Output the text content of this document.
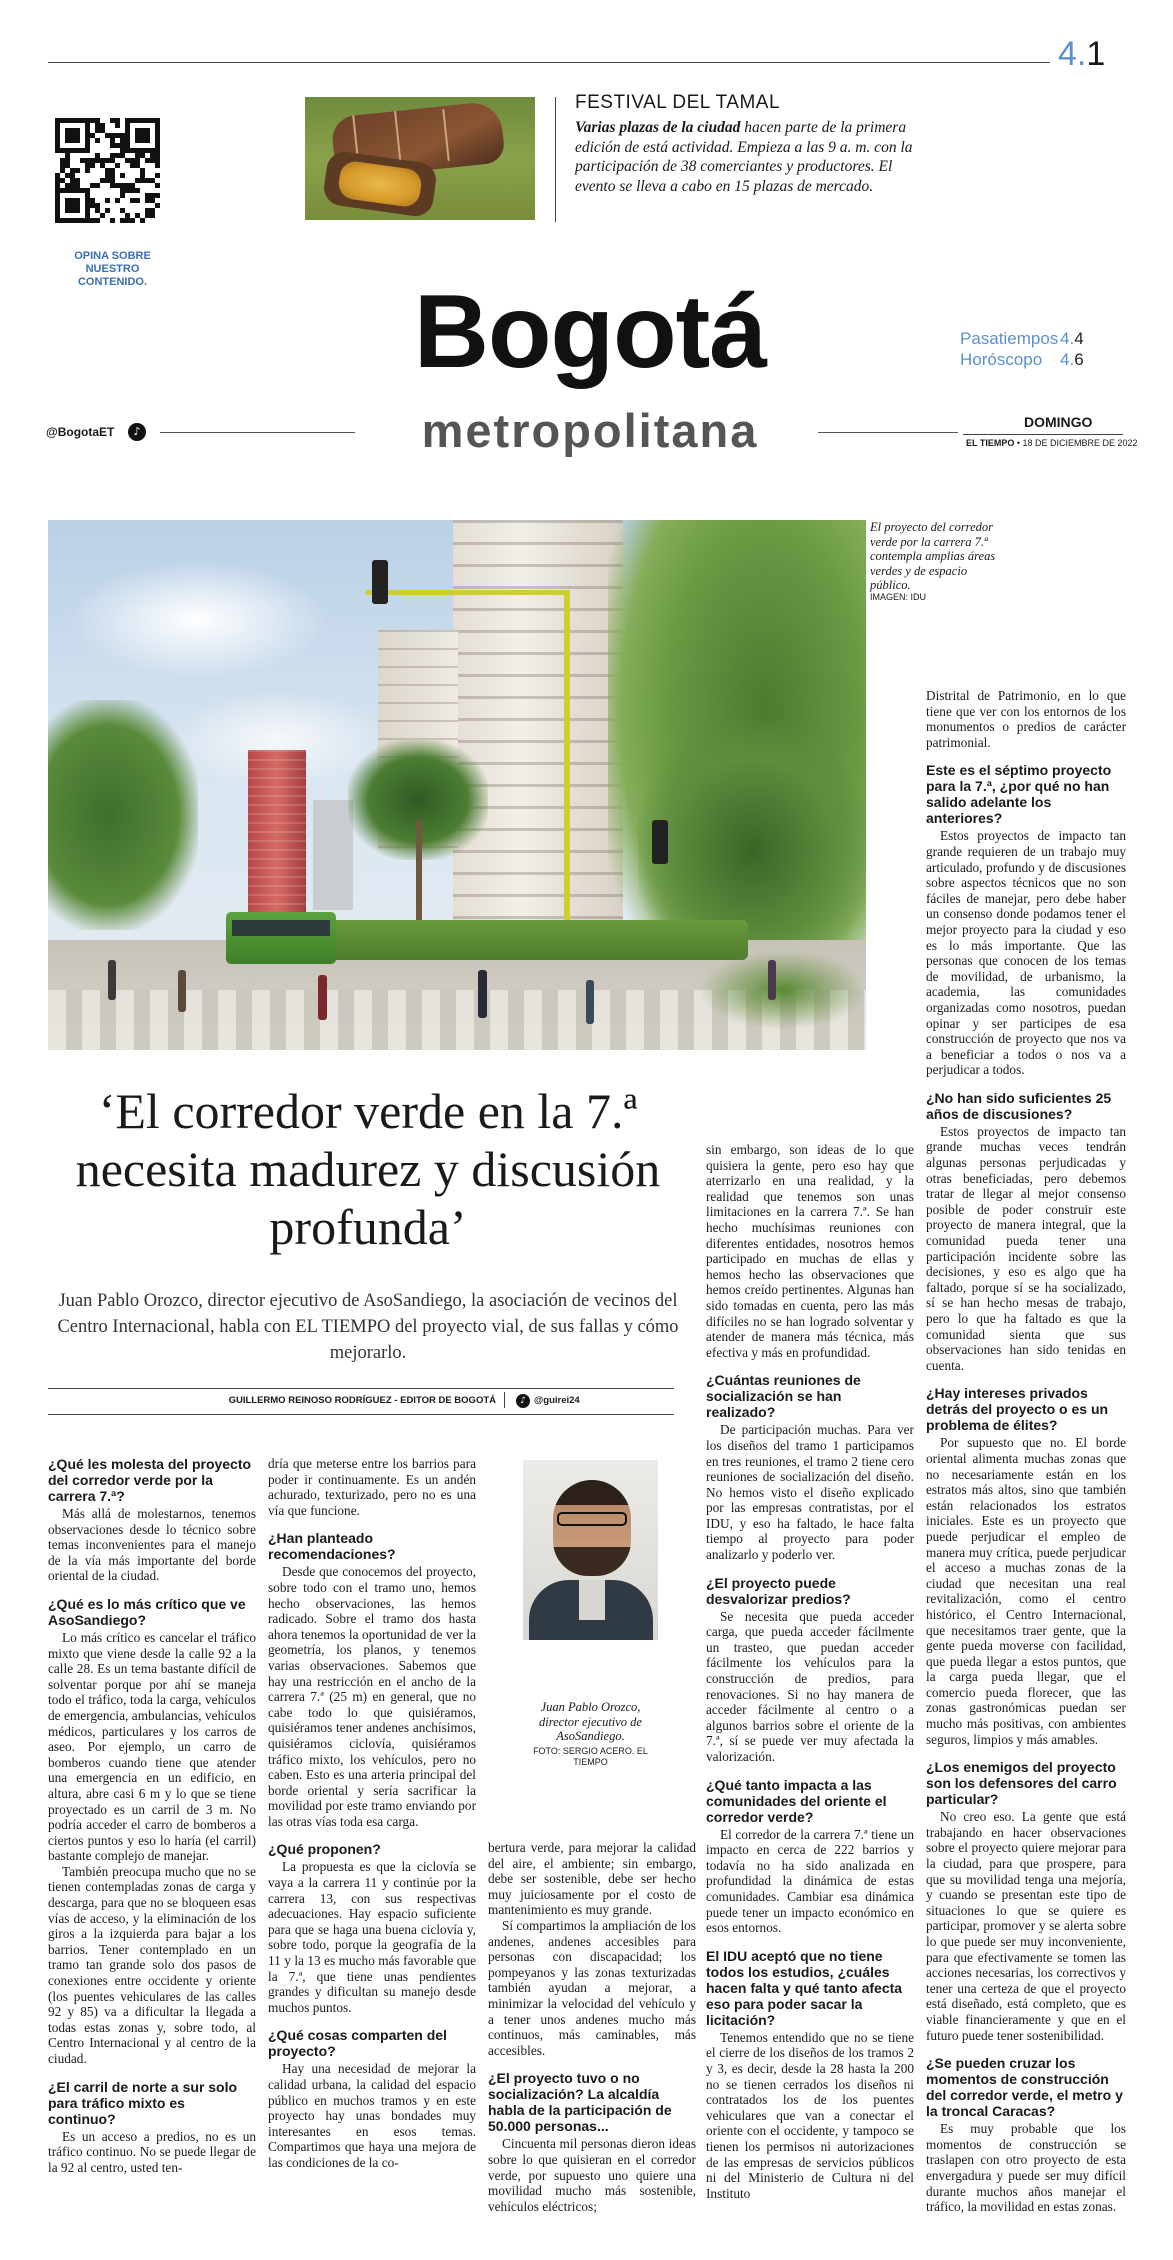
4.1
OPINA SOBRE NUESTRO CONTENIDO.
FESTIVAL DEL TAMAL
Varias plazas de la ciudad hacen parte de la primera edición de está actividad. Empieza a las 9 a. m. con la participación de 38 comerciantes y productores. El evento se lleva a cabo en 15 plazas de mercado.
Bogotá
metropolitana
@BogotaET	♪
Pasatiempos 4.4
Horóscopo 4.6
DOMINGO
EL TIEMPO • 18 DE DICIEMBRE DE 2022
El proyecto del corredor verde por la carrera 7.ª contempla amplias áreas verdes y de espacio público.
IMAGEN: IDU
‘El corredor verde en la 7.ª necesita madurez y discusión profunda’
Juan Pablo Orozco, director ejecutivo de AsoSandiego, la asociación de vecinos del Centro Internacional, habla con EL TIEMPO del proyecto vial, de sus fallas y cómo mejorarlo.
GUILLERMO REINOSO RODRÍGUEZ - EDITOR DE BOGOTÁ	♪ @guirei24
Juan Pablo Orozco, director ejecutivo de AsoSandiego.
FOTO: SERGIO ACERO. EL TIEMPO
¿Qué les molesta del proyecto del corredor verde por la carrera 7.ª?

Más allá de molestarnos, tenemos observaciones desde lo técnico sobre temas inconvenientes para el manejo de la vía más importante del borde oriental de la ciudad.

¿Qué es lo más crítico que ve AsoSandiego?

Lo más crítico es cancelar el tráfico mixto que viene desde la calle 92 a la calle 28. Es un tema bastante difícil de solventar porque por ahí se maneja todo el tráfico, toda la carga, vehículos de emergencia, ambulancias, vehículos médicos, particulares y los carros de aseo. Por ejemplo, un carro de bomberos cuando tiene que atender una emergencia en un edificio, en altura, abre casi 6 m y lo que se tiene proyectado es un carril de 3 m. No podría acceder el carro de bomberos a ciertos puntos y eso lo haría (el carril) bastante complejo de manejar.

También preocupa mucho que no se tienen contempladas zonas de carga y descarga, para que no se bloqueen esas vías de acceso, y la eliminación de los giros a la izquierda para bajar a los barrios. Tener contemplado en un tramo tan grande solo dos pasos de conexiones entre occidente y oriente (los puentes vehiculares de las calles 92 y 85) va a dificultar la llegada a todas estas zonas y, sobre todo, al Centro Internacional y al centro de la ciudad.

¿El carril de norte a sur solo para tráfico mixto es continuo?

Es un acceso a predios, no es un tráfico continuo. No se puede llegar de la 92 al centro, usted ten-

dría que meterse entre los barrios para poder ir continuamente. Es un andén achurado, texturizado, pero no es una vía que funcione.

¿Han planteado recomendaciones?

Desde que conocemos del proyecto, sobre todo con el tramo uno, hemos hecho observaciones, las hemos radicado. Sobre el tramo dos hasta ahora tenemos la oportunidad de ver la geometría, los planos, y tenemos varias observaciones. Sabemos que hay una restricción en el ancho de la carrera 7.ª (25 m) en general, que no cabe todo lo que quisiéramos, quisiéramos tener andenes anchísimos, quisiéramos ciclovía, quisiéramos tráfico mixto, los vehículos, pero no caben. Esto es una arteria principal del borde oriental y sería sacrificar la movilidad por este tramo enviando por las otras vías toda esa carga.

¿Qué proponen?

La propuesta es que la ciclovía se vaya a la carrera 11 y continúe por la carrera 13, con sus respectivas adecuaciones. Hay espacio suficiente para que se haga una buena ciclovía y, sobre todo, porque la geografía de la 11 y la 13 es mucho más favorable que la 7.ª, que tiene unas pendientes grandes y dificultan su manejo desde muchos puntos.

¿Qué cosas comparten del proyecto?

Hay una necesidad de mejorar la calidad urbana, la calidad del espacio público en muchos tramos y en este proyecto hay unas bondades muy interesantes en esos temas. Compartimos que haya una mejora de las condiciones de la co-

bertura verde, para mejorar la calidad del aire, el ambiente; sin embargo, debe ser sostenible, debe ser hecho muy juiciosamente por el costo de mantenimiento es muy grande.

Sí compartimos la ampliación de los andenes, andenes accesibles para personas con discapacidad; los pompeyanos y las zonas texturizadas también ayudan a mejorar, a minimizar la velocidad del vehículo y a tener unos andenes mucho más continuos, más caminables, más accesibles.

¿El proyecto tuvo o no socialización? La alcaldía habla de la participación de 50.000 personas...

Cincuenta mil personas dieron ideas sobre lo que quisieran en el corredor verde, por supuesto uno quiere una movilidad mucho más sostenible, vehículos eléctricos;

sin embargo, son ideas de lo que quisiera la gente, pero eso hay que aterrizarlo en una realidad, y la realidad que tenemos son unas limitaciones en la carrera 7.ª. Se han hecho muchísimas reuniones con diferentes entidades, nosotros hemos participado en muchas de ellas y hemos hecho las observaciones que hemos creído pertinentes. Algunas han sido tomadas en cuenta, pero las más difíciles no se han logrado solventar y atender de manera más técnica, más efectiva y más en profundidad.

¿Cuántas reuniones de socialización se han realizado?

De participación muchas. Para ver los diseños del tramo 1 participamos en tres reuniones, el tramo 2 tiene cero reuniones de socialización del diseño. No hemos visto el diseño explicado por las empresas contratistas, por el IDU, y eso ha faltado, le hace falta tiempo al proyecto para poder analizarlo y poderlo ver.

¿El proyecto puede desvalorizar predios?

Se necesita que pueda acceder carga, que pueda acceder fácilmente un trasteo, que puedan acceder fácilmente los vehículos para la construcción de predios, para renovaciones. Si no hay manera de acceder fácilmente al centro o a algunos barrios sobre el oriente de la 7.ª, sí se puede ver muy afectada la valorización.

¿Qué tanto impacta a las comunidades del oriente el corredor verde?

El corredor de la carrera 7.ª tiene un impacto en cerca de 222 barrios y todavía no ha sido analizada en profundidad la dinámica de estas comunidades. Cambiar esa dinámica puede tener un impacto económico en esos entornos.

El IDU aceptó que no tiene todos los estudios, ¿cuáles hacen falta y qué tanto afecta eso para poder sacar la licitación?

Tenemos entendido que no se tiene el cierre de los diseños de los tramos 2 y 3, es decir, desde la 28 hasta la 200 no se tienen cerrados los diseños ni contratados los de los puentes vehiculares que van a conectar el oriente con el occidente, y tampoco se tienen los permisos ni autorizaciones de las empresas de servicios públicos ni del Ministerio de Cultura ni del Instituto

Distrital de Patrimonio, en lo que tiene que ver con los entornos de los monumentos o predios de carácter patrimonial.

Este es el séptimo proyecto para la 7.ª, ¿por qué no han salido adelante los anteriores?

Estos proyectos de impacto tan grande requieren de un trabajo muy articulado, profundo y de discusiones sobre aspectos técnicos que no son fáciles de manejar, pero debe haber un consenso donde podamos tener el mejor proyecto para la ciudad y eso es lo más importante. Que las personas que conocen de los temas de movilidad, de urbanismo, la academia, las comunidades organizadas como nosotros, puedan opinar y ser participes de esa construcción de proyecto que nos va a beneficiar a todos o nos va a perjudicar a todos.

¿No han sido suficientes 25 años de discusiones?

Estos proyectos de impacto tan grande muchas veces tendrán algunas personas perjudicadas y otras beneficiadas, pero debemos tratar de llegar al mejor consenso posible de poder construir este proyecto de manera integral, que la comunidad pueda tener una participación incidente sobre las decisiones, y eso es algo que ha faltado, porque sí se ha socializado, sí se han hecho mesas de trabajo, pero lo que ha faltado es que la comunidad sienta que sus observaciones han sido tenidas en cuenta.

¿Hay intereses privados detrás del proyecto o es un problema de élites?

Por supuesto que no. El borde oriental alimenta muchas zonas que no necesariamente están en los estratos más altos, sino que también están relacionados los estratos iniciales. Este es un proyecto que puede perjudicar el empleo de manera muy crítica, puede perjudicar el acceso a muchas zonas de la ciudad que necesitan una real revitalización, como el centro histórico, el Centro Internacional, que necesitamos traer gente, que la gente pueda moverse con facilidad, que pueda llegar a estos puntos, que la carga pueda llegar, que el comercio pueda florecer, que las zonas gastronómicas puedan ser mucho más positivas, con ambientes seguros, limpios y más amables.

¿Los enemigos del proyecto son los defensores del carro particular?

No creo eso. La gente que está trabajando en hacer observaciones sobre el proyecto quiere mejorar para la ciudad, para que prospere, para que su movilidad tenga una mejoría, y cuando se presentan este tipo de situaciones lo que se quiere es participar, promover y se alerta sobre lo que puede ser muy inconveniente, para que efectivamente se tomen las acciones necesarias, los correctivos y tener una certeza de que el proyecto está diseñado, está completo, que es viable financieramente y que en el futuro puede tener sostenibilidad.

¿Se pueden cruzar los momentos de construcción del corredor verde, el metro y la troncal Caracas?

Es muy probable que los momentos de construcción se traslapen con otro proyecto de esta envergadura y puede ser muy difícil durante muchos años manejar el tráfico, la movilidad en estas zonas.
